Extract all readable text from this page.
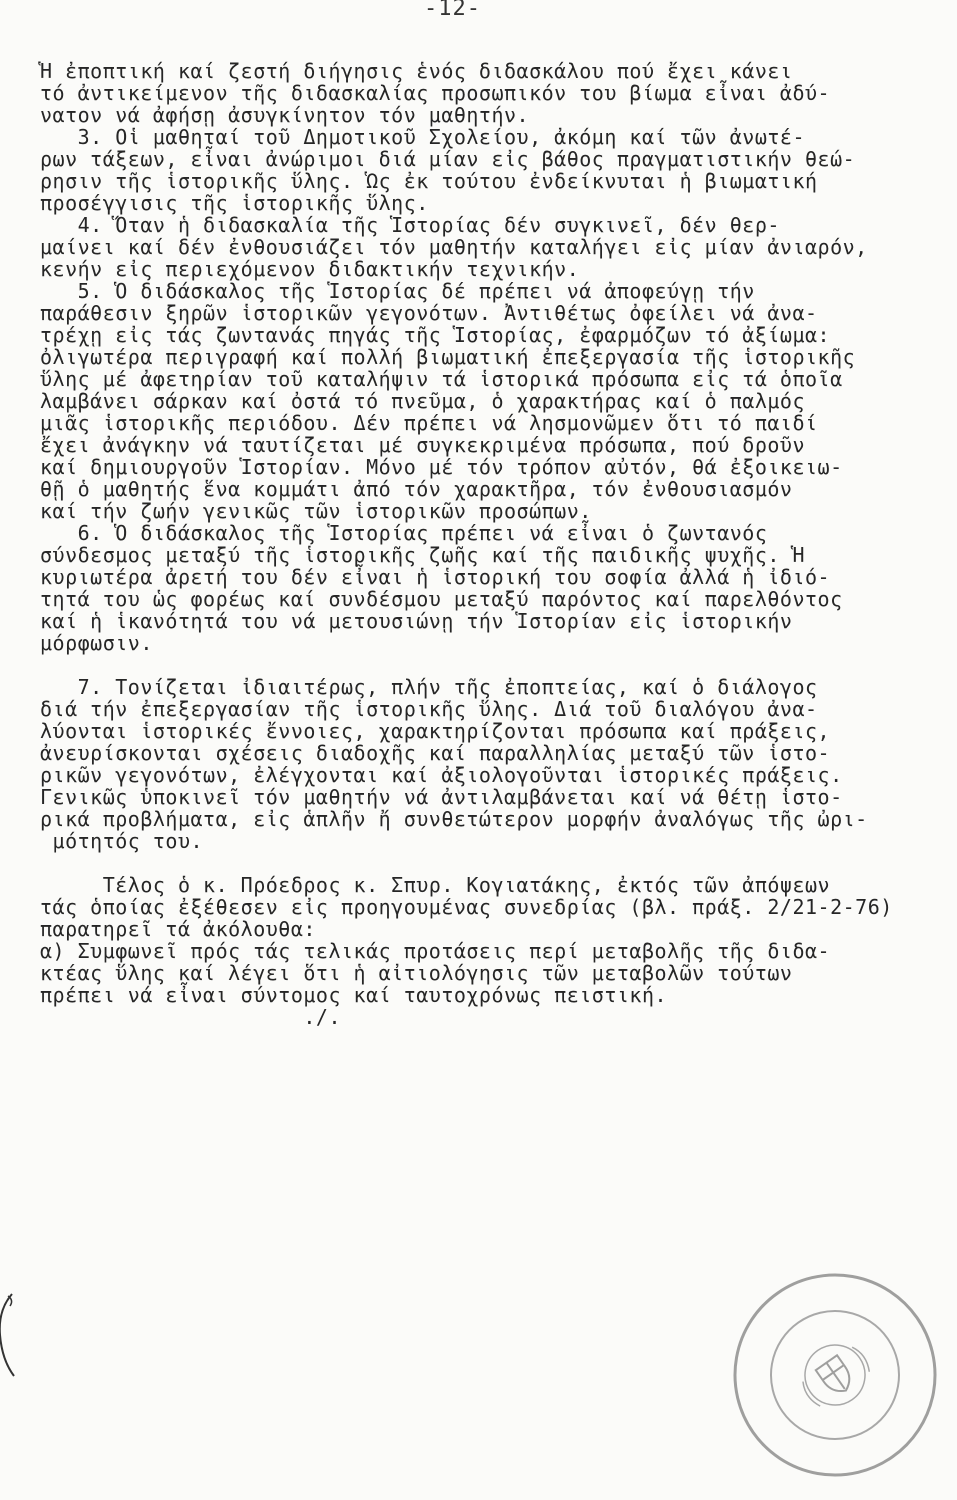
-12-
Ἡ ἐποπτική καί ζεστή διήγησις ἑνός διδασκάλου πού ἔχει κάνει
τό ἀντικείμενον τῆς διδασκαλίας προσωπικόν του βίωμα εἶναι ἀδύ-
νατον νά ἀφήσῃ ἀσυγκίνητον τόν μαθητήν.
3. Οἱ μαθηταί τοῦ Δημοτικοῦ Σχολείου, ἀκόμη καί τῶν ἀνωτέ-
ρων τάξεων, εἶναι ἀνώριμοι διά μίαν εἰς βάθος πραγματιστικήν θεώ-
ρησιν τῆς ἱστορικῆς ὕλης. Ὡς ἐκ τούτου ἐνδείκνυται ἡ βιωματική
προσέγγισις τῆς ἱστορικῆς ὕλης.
4. Ὅταν ἡ διδασκαλία τῆς Ἱστορίας δέν συγκινεῖ, δέν θερ-
μαίνει καί δέν ἐνθουσιάζει τόν μαθητήν καταλήγει εἰς μίαν ἀνιαρόν,
κενήν εἰς περιεχόμενον διδακτικήν τεχνικήν.
5. Ὁ διδάσκαλος τῆς Ἱστορίας δέ πρέπει νά ἀποφεύγῃ τήν
παράθεσιν ξηρῶν ἱστορικῶν γεγονότων. Ἀντιθέτως ὀφείλει νά ἀνα-
τρέχῃ εἰς τάς ζωντανάς πηγάς τῆς Ἱστορίας, ἐφαρμόζων τό ἀξίωμα:
ὀλιγωτέρα περιγραφή καί πολλή βιωματική ἐπεξεργασία τῆς ἱστορικῆς
ὕλης μέ ἀφετηρίαν τοῦ καταλήψιν τά ἱστορικά πρόσωπα εἰς τά ὁποῖα
λαμβάνει σάρκαν καί ὀστά τό πνεῦμα, ὁ χαρακτήρας καί ὁ παλμός
μιᾶς ἱστορικῆς περιόδου. Δέν πρέπει νά λησμονῶμεν ὅτι τό παιδί
ἔχει ἀνάγκην νά ταυτίζεται μέ συγκεκριμένα πρόσωπα, πού δροῦν
καί δημιουργοῦν Ἱστορίαν. Μόνο μέ τόν τρόπον αὐτόν, θά ἐξοικειω-
θῇ ὁ μαθητής ἕνα κομμάτι ἀπό τόν χαρακτῆρα, τόν ἐνθουσιασμόν
καί τήν ζωήν γενικῶς τῶν ἱστορικῶν προσώπων.
6. Ὁ διδάσκαλος τῆς Ἱστορίας πρέπει νά εἶναι ὁ ζωντανός
σύνδεσμος μεταξύ τῆς ἱστορικῆς ζωῆς καί τῆς παιδικῆς ψυχῆς. Ἡ
κυριωτέρα ἀρετή του δέν εἶναι ἡ ἱστορική του σοφία ἀλλά ἡ ἰδιό-
τητά του ὡς φορέως καί συνδέσμου μεταξύ παρόντος καί παρελθόντος
καί ἡ ἱκανότητά του νά μετουσιώνῃ τήν Ἱστορίαν εἰς ἱστορικήν
μόρφωσιν.

7. Τονίζεται ἰδιαιτέρως, πλήν τῆς ἐποπτείας, καί ὁ διάλογος
διά τήν ἐπεξεργασίαν τῆς ἱστορικῆς ὕλης. Διά τοῦ διαλόγου ἀνα-
λύονται ἱστορικές ἔννοιες, χαρακτηρίζονται πρόσωπα καί πράξεις,
ἀνευρίσκονται σχέσεις διαδοχῆς καί παραλληλίας μεταξύ τῶν ἱστο-
ρικῶν γεγονότων, ἐλέγχονται καί ἀξιολογοῦνται ἱστορικές πράξεις.
Γενικῶς ὑποκινεῖ τόν μαθητήν νά ἀντιλαμβάνεται καί νά θέτῃ ἱστο-
ρικά προβλήματα, εἰς ἁπλῆν ἤ συνθετώτερον μορφήν ἀναλόγως τῆς ὠρι-
μότητός του.

Τέλος ὁ κ. Πρόεδρος κ. Σπυρ. Κογιατάκης, ἐκτός τῶν ἀπόψεων
τάς ὁποίας ἐξέθεσεν εἰς προηγουμένας συνεδρίας (βλ. πράξ. 2/21-2-76)
παρατηρεῖ τά ἀκόλουθα:
α) Συμφωνεῖ πρός τάς τελικάς προτάσεις περί μεταβολῆς τῆς διδα-
κτέας ὕλης καί λέγει ὅτι ἡ αἰτιολόγησις τῶν μεταβολῶν τούτων
πρέπει νά εἶναι σύντομος καί ταυτοχρόνως πειστική.
./.
